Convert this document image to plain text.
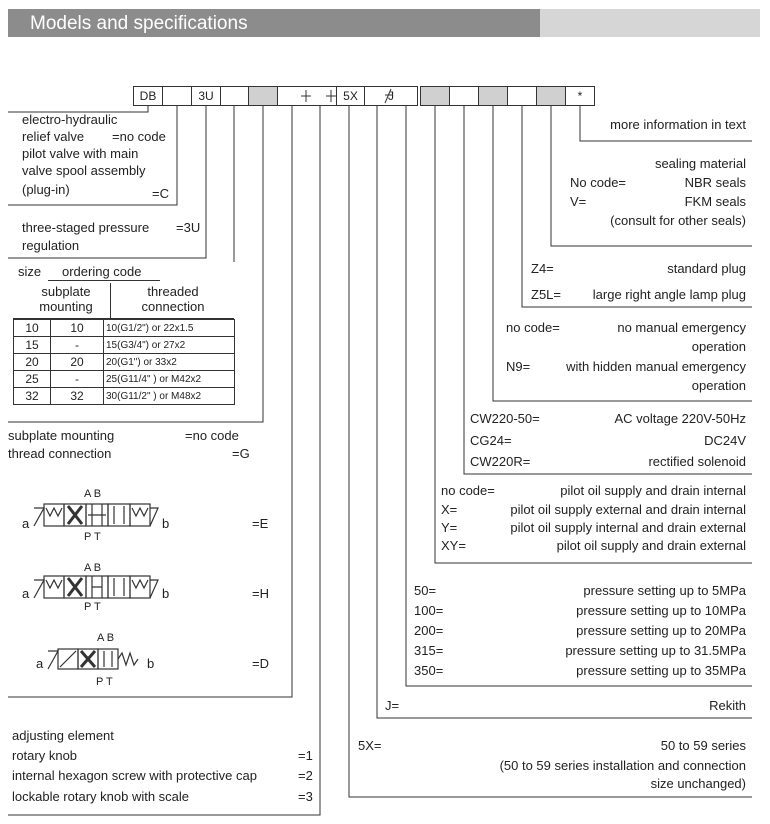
Models and specifications
DB	3U	5X	J	*
more information in text
sealing material
No code=	NBR seals
V=	FKM seals
(consult for other seals)
Z4=	standard plug
Z5L= large right angle lamp plug
no code=	no manual emergency
operation
N9=	with hidden manual emergency
operation
CW220-50=	AC voltage 220V-50Hz
CG24=	DC24V
CW220R=	rectified solenoid
no code=	pilot oil supply and drain internal
X=	pilot oil supply external and drain internal
Y=	pilot oil supply internal and drain external
XY=	pilot oil supply and drain external
50=	pressure setting up to 5MPa
100=	pressure setting up to 10MPa
200=	pressure setting up to 20MPa
315=	pressure setting up to 31.5MPa
350=	pressure setting up to 35MPa
J=	Rekith
5X=	50 to 59 series
(50 to 59 series installation and connection
size unchanged)
electro-hydraulic
relief valve =no code
pilot valve with main
valve spool assembly
(plug-in)	=C
three-staged pressure =3U
regulation
size ordering code
subplate
mounting
threaded
connection
10	10	10(G1/2") or 22x1.5
15	-	15(G3/4") or 27x2
20	20	20(G1") or 33x2
25	-	25(G11/4" ) or M42x2
32	32	30(G11/2" ) or M48x2
subplate mounting	=no code
thread connection	=G
a
A B
P T
b	=E
a
A B
P T
b	=H
a
A B
P T
b	=D
adjusting element
rotary knob	=1
internal hexagon screw with protective cap	=2
lockable rotary knob with scale	=3
